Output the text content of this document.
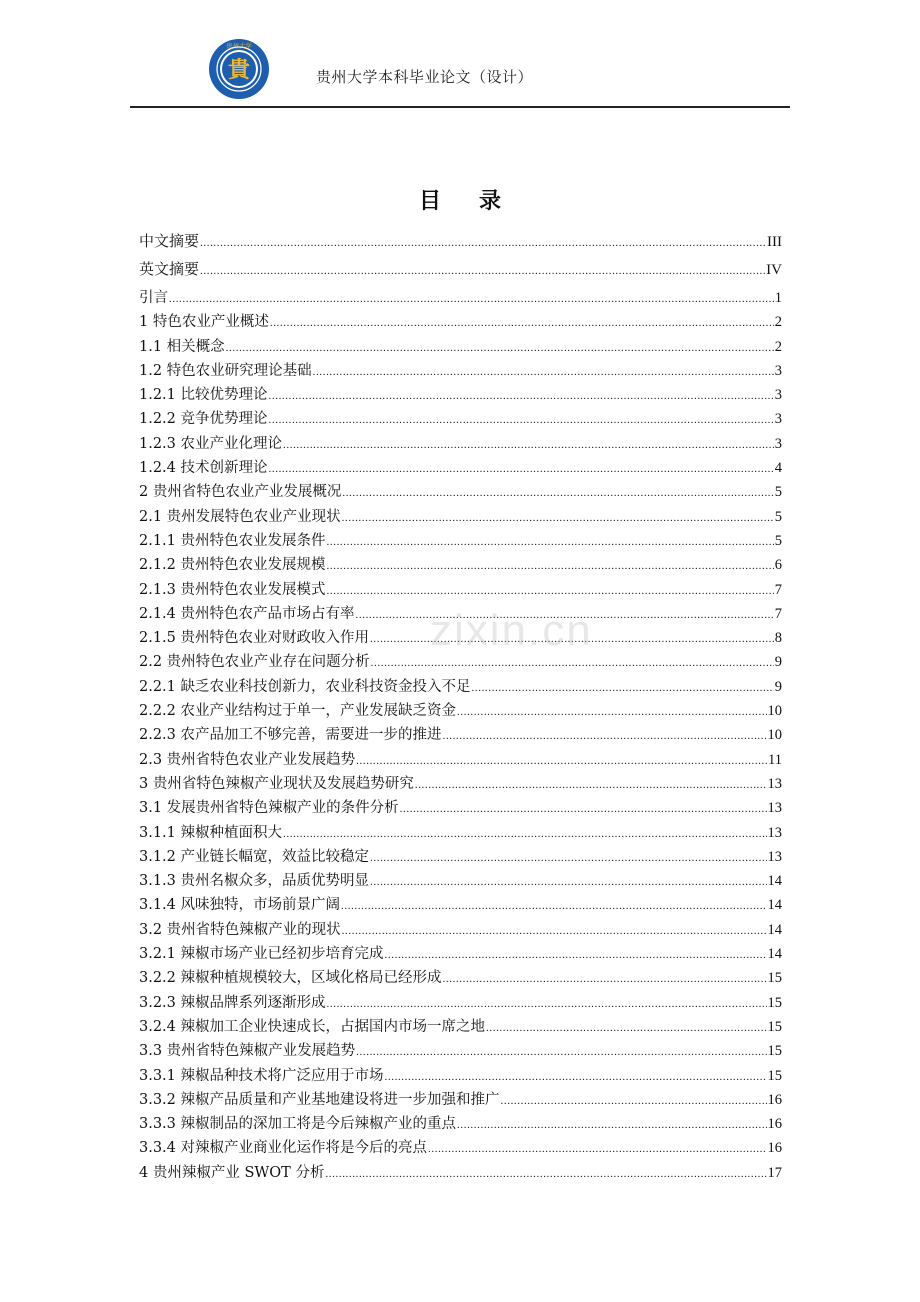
貴
贵州大学
贵州大学本科毕业论文（设计）
目录
中文摘要 .....	III
英文摘要 .....	IV
引言 .....	1
1 特色农业产业概述 .....	2
1.1 相关概念 .....	2
1.2 特色农业研究理论基础 .....	3
1.2.1 比较优势理论 .....	3
1.2.2 竞争优势理论 .....	3
1.2.3 农业产业化理论 .....	3
1.2.4 技术创新理论 .....	4
2 贵州省特色农业产业发展概况 .....	5
2.1 贵州发展特色农业产业现状 .....	5
2.1.1 贵州特色农业发展条件 .....	5
2.1.2 贵州特色农业发展规模 .....	6
2.1.3 贵州特色农业发展模式 .....	7
2.1.4 贵州特色农产品市场占有率 .....	7
2.1.5 贵州特色农业对财政收入作用 .....	8
2.2 贵州特色农业产业存在问题分析 .....	9
2.2.1 缺乏农业科技创新力，农业科技资金投入不足 .....	9
2.2.2 农业产业结构过于单一，产业发展缺乏资金 .....	10
2.2.3 农产品加工不够完善，需要进一步的推进 .....	10
2.3 贵州省特色农业产业发展趋势 .....	11
3 贵州省特色辣椒产业现状及发展趋势研究 .....	13
3.1 发展贵州省特色辣椒产业的条件分析 .....	13
3.1.1 辣椒种植面积大 .....	13
3.1.2 产业链长幅宽，效益比较稳定 .....	13
3.1.3 贵州名椒众多，品质优势明显 .....	14
3.1.4 风味独特，市场前景广阔 .....	14
3.2 贵州省特色辣椒产业的现状 .....	14
3.2.1 辣椒市场产业已经初步培育完成 .....	14
3.2.2 辣椒种植规模较大，区域化格局已经形成 .....	15
3.2.3 辣椒品牌系列逐渐形成 .....	15
3.2.4 辣椒加工企业快速成长，占据国内市场一席之地 .....	15
3.3 贵州省特色辣椒产业发展趋势 .....	15
3.3.1 辣椒品种技术将广泛应用于市场 .....	15
3.3.2 辣椒产品质量和产业基地建设将进一步加强和推广 .....	16
3.3.3 辣椒制品的深加工将是今后辣椒产业的重点 .....	16
3.3.4 对辣椒产业商业化运作将是今后的亮点 .....	16
4 贵州辣椒产业 SWOT 分析 .....	17
zixin.cn
